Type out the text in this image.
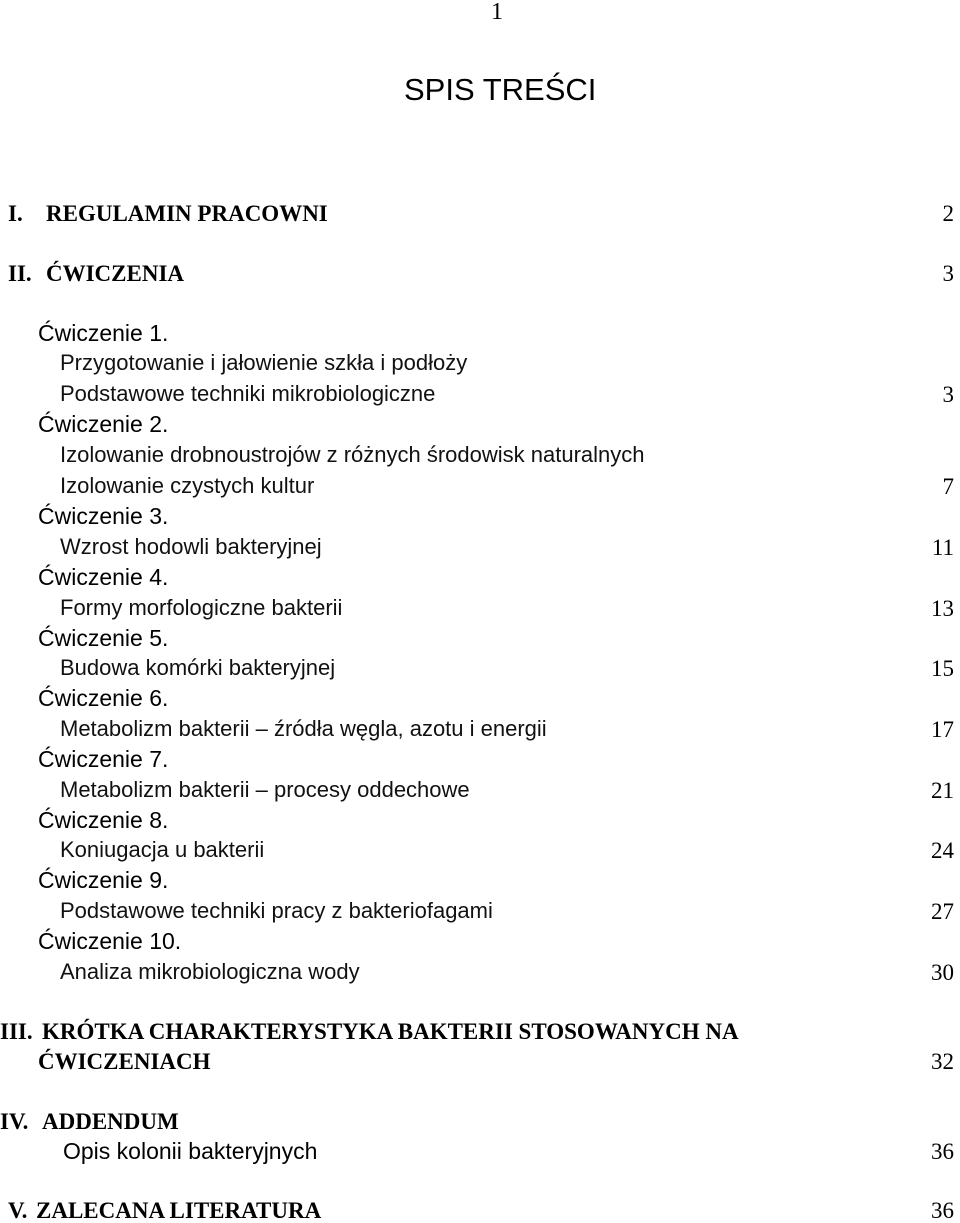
1
SPIS TREŚCI
I. REGULAMIN PRACOWNI	2
II. ĆWICZENIA	3
Ćwiczenie 1.
Przygotowanie i jałowienie szkła i podłoży
Podstawowe techniki mikrobiologiczne	3
Ćwiczenie 2.
Izolowanie drobnoustrojów z różnych środowisk naturalnych
Izolowanie czystych kultur	7
Ćwiczenie 3.
Wzrost hodowli bakteryjnej	11
Ćwiczenie 4.
Formy morfologiczne bakterii	13
Ćwiczenie 5.
Budowa komórki bakteryjnej	15
Ćwiczenie 6.
Metabolizm bakterii – źródła węgla, azotu i energii	17
Ćwiczenie 7.
Metabolizm bakterii – procesy oddechowe	21
Ćwiczenie 8.
Koniugacja u bakterii	24
Ćwiczenie 9.
Podstawowe techniki pracy z bakteriofagami	27
Ćwiczenie 10.
Analiza mikrobiologiczna wody	30
III. KRÓTKA CHARAKTERYSTYKA BAKTERII STOSOWANYCH NA
ĆWICZENIACH	32
IV. ADDENDUM
Opis kolonii bakteryjnych	36
V. ZALECANA LITERATURA	36
